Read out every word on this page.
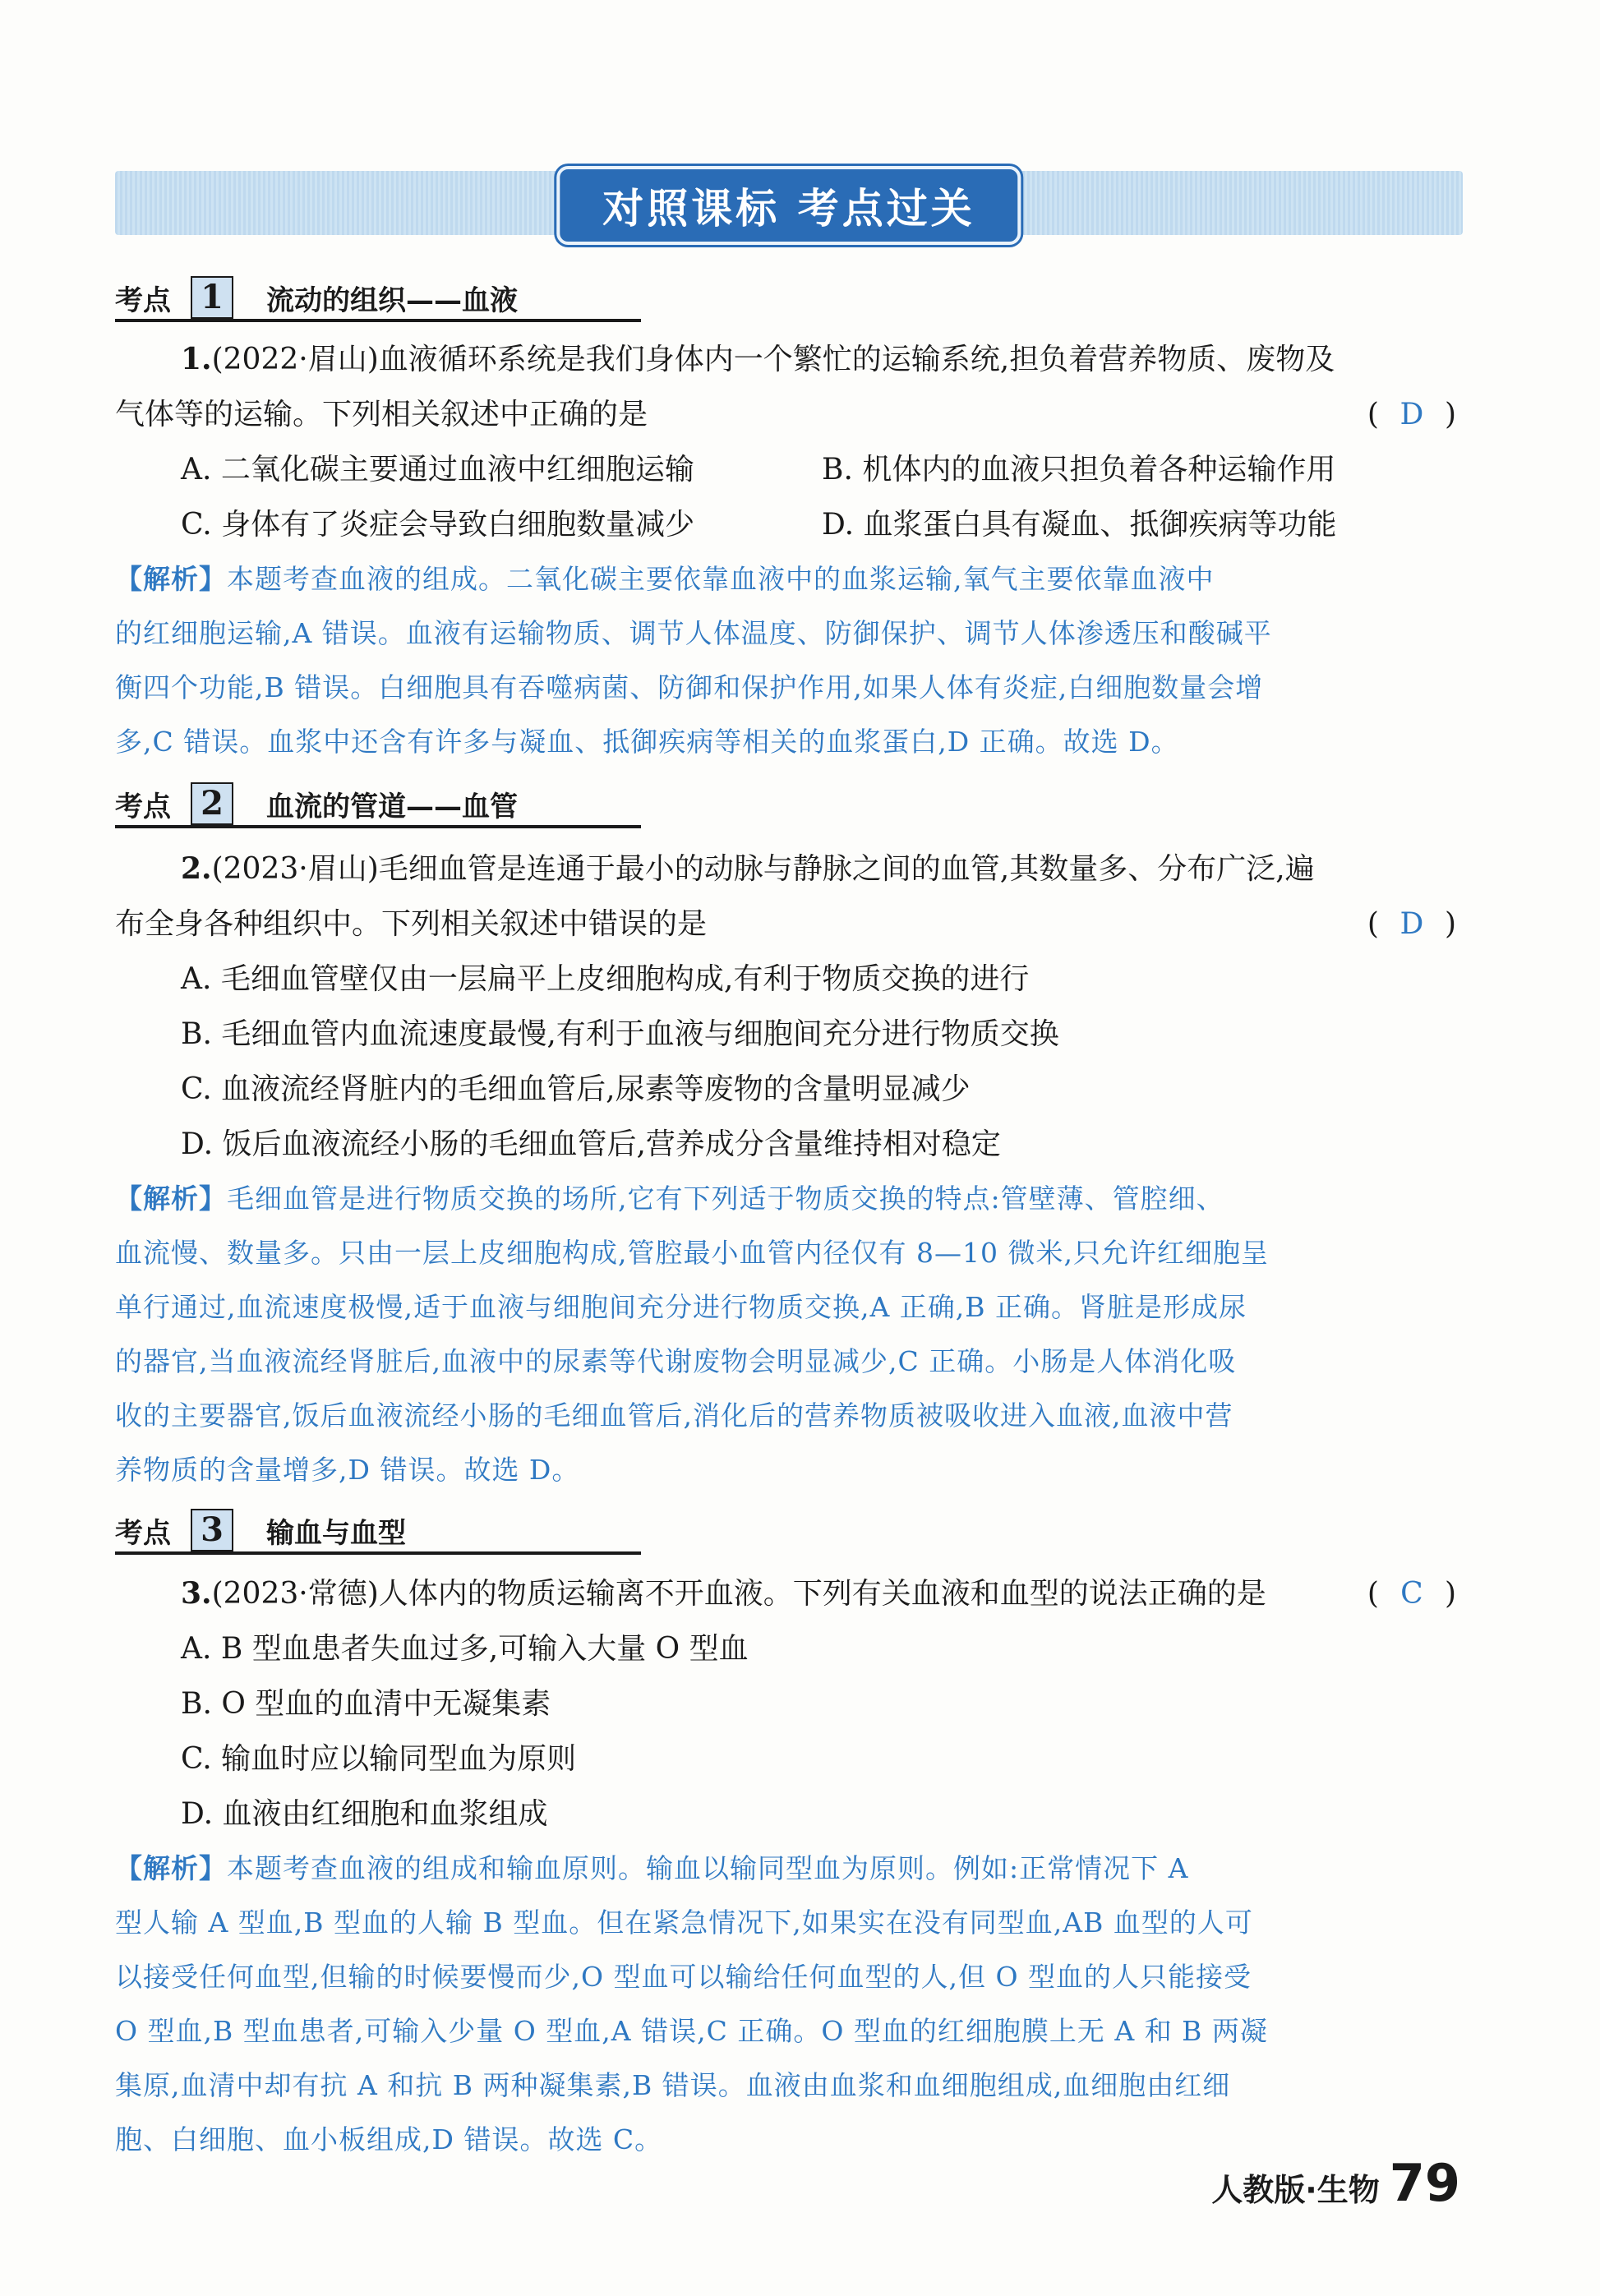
对照课标 考点过关
考点 1	流动的组织——血液
1.(2022·眉山)血液循环系统是我们身体内一个繁忙的运输系统,担负着营养物质、废物及
气体等的运输。下列相关叙述中正确的是	( D )
A. 二氧化碳主要通过血液中红细胞运输	B. 机体内的血液只担负着各种运输作用
C. 身体有了炎症会导致白细胞数量减少	D. 血浆蛋白具有凝血、抵御疾病等功能

【解析】本题考查血液的组成。二氧化碳主要依靠血液中的血浆运输,氧气主要依靠血液中

的红细胞运输,A 错误。血液有运输物质、调节人体温度、防御保护、调节人体渗透压和酸碱平

衡四个功能,B 错误。白细胞具有吞噬病菌、防御和保护作用,如果人体有炎症,白细胞数量会增

多,C 错误。血浆中还含有许多与凝血、抵御疾病等相关的血浆蛋白,D 正确。故选 D。

考点 2	血流的管道——血管
2.(2023·眉山)毛细血管是连通于最小的动脉与静脉之间的血管,其数量多、分布广泛,遍
布全身各种组织中。下列相关叙述中错误的是	( D )
A. 毛细血管壁仅由一层扁平上皮细胞构成,有利于物质交换的进行
B. 毛细血管内血流速度最慢,有利于血液与细胞间充分进行物质交换
C. 血液流经肾脏内的毛细血管后,尿素等废物的含量明显减少
D. 饭后血液流经小肠的毛细血管后,营养成分含量维持相对稳定

【解析】毛细血管是进行物质交换的场所,它有下列适于物质交换的特点:管壁薄、管腔细、

血流慢、数量多。只由一层上皮细胞构成,管腔最小血管内径仅有 8—10 微米,只允许红细胞呈

单行通过,血流速度极慢,适于血液与细胞间充分进行物质交换,A 正确,B 正确。肾脏是形成尿

的器官,当血液流经肾脏后,血液中的尿素等代谢废物会明显减少,C 正确。小肠是人体消化吸

收的主要器官,饭后血液流经小肠的毛细血管后,消化后的营养物质被吸收进入血液,血液中营

养物质的含量增多,D 错误。故选 D。

考点 3	输血与血型
3.(2023·常德)人体内的物质运输离不开血液。下列有关血液和血型的说法正确的是	( C )
A. B 型血患者失血过多,可输入大量 O 型血
B. O 型血的血清中无凝集素
C. 输血时应以输同型血为原则
D. 血液由红细胞和血浆组成

【解析】本题考查血液的组成和输血原则。输血以输同型血为原则。例如:正常情况下 A

型人输 A 型血,B 型血的人输 B 型血。但在紧急情况下,如果实在没有同型血,AB 血型的人可

以接受任何血型,但输的时候要慢而少,O 型血可以输给任何血型的人,但 O 型血的人只能接受

O 型血,B 型血患者,可输入少量 O 型血,A 错误,C 正确。O 型血的红细胞膜上无 A 和 B 两凝

集原,血清中却有抗 A 和抗 B 两种凝集素,B 错误。血液由血浆和血细胞组成,血细胞由红细

胞、白细胞、血小板组成,D 错误。故选 C。

人教版·生物 79
